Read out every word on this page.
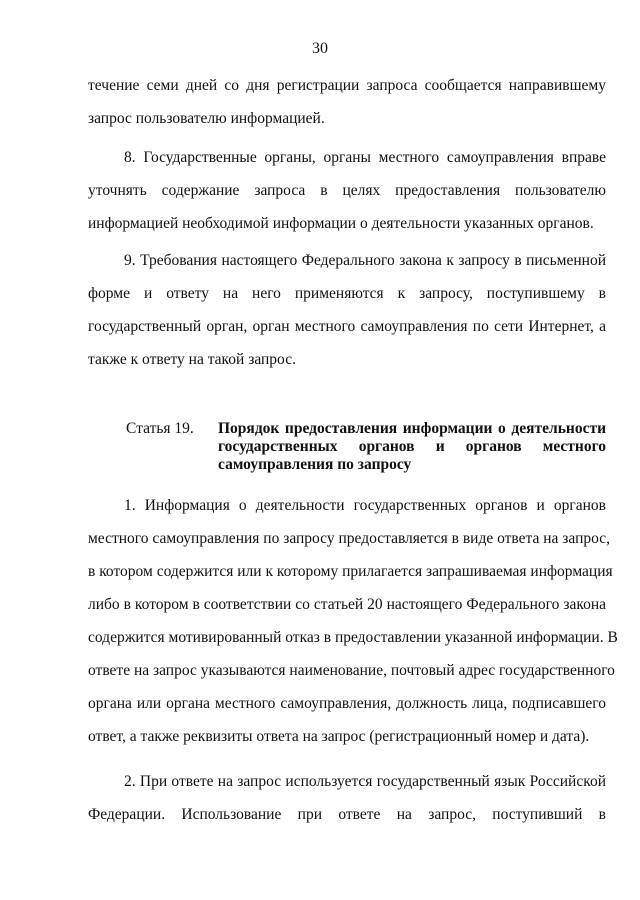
30
течение семи дней со дня регистрации запроса сообщается направившему
запрос пользователю информацией.
8. Государственные органы, органы местного самоуправления вправе
уточнять содержание запроса в целях предоставления пользователю
информацией необходимой информации о деятельности указанных органов.
9. Требования настоящего Федерального закона к запросу в письменной
форме и ответу на него применяются к запросу, поступившему в
государственный орган, орган местного самоуправления по сети Интернет, а
также к ответу на такой запрос.
Статья 19.	Порядок предоставления информации о деятельности
государственных органов и органов местного
самоуправления по запросу
1. Информация о деятельности государственных органов и органов
местного самоуправления по запросу предоставляется в виде ответа на запрос,
в котором содержится или к которому прилагается запрашиваемая информация
либо в котором в соответствии со статьей 20 настоящего Федерального закона
содержится мотивированный отказ в предоставлении указанной информации. В
ответе на запрос указываются наименование, почтовый адрес государственного
органа или органа местного самоуправления, должность лица, подписавшего
ответ, а также реквизиты ответа на запрос (регистрационный номер и дата).
2. При ответе на запрос используется государственный язык Российской
Федерации. Использование при ответе на запрос, поступивший в
